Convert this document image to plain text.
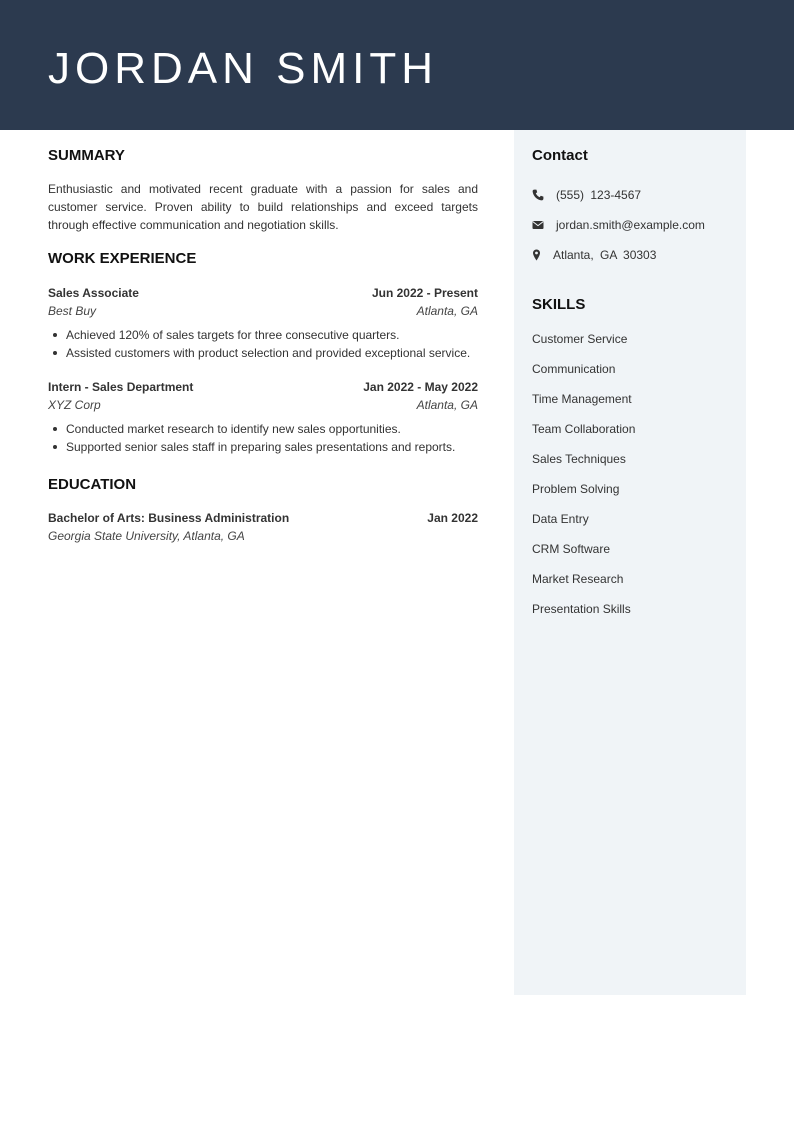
JORDAN SMITH
SUMMARY

Enthusiastic and motivated recent graduate with a passion for sales and customer service. Proven ability to build relationships and exceed targets through effective communication and negotiation skills.

WORK EXPERIENCE
Sales Associate	Jun 2022 - Present
Best Buy	Atlanta, GA
Achieved 120% of sales targets for three consecutive quarters.
Assisted customers with product selection and provided exceptional service.
Intern - Sales Department	Jan 2022 - May 2022
XYZ Corp	Atlanta, GA
Conducted market research to identify new sales opportunities.
Supported senior sales staff in preparing sales presentations and reports.
EDUCATION
Bachelor of Arts: Business Administration	Jan 2022
Georgia State University, Atlanta, GA
Contact
(555) 123-4567
jordan.smith@example.com
Atlanta, GA 30303
SKILLS
Customer Service
Communication
Time Management
Team Collaboration
Sales Techniques
Problem Solving
Data Entry
CRM Software
Market Research
Presentation Skills
